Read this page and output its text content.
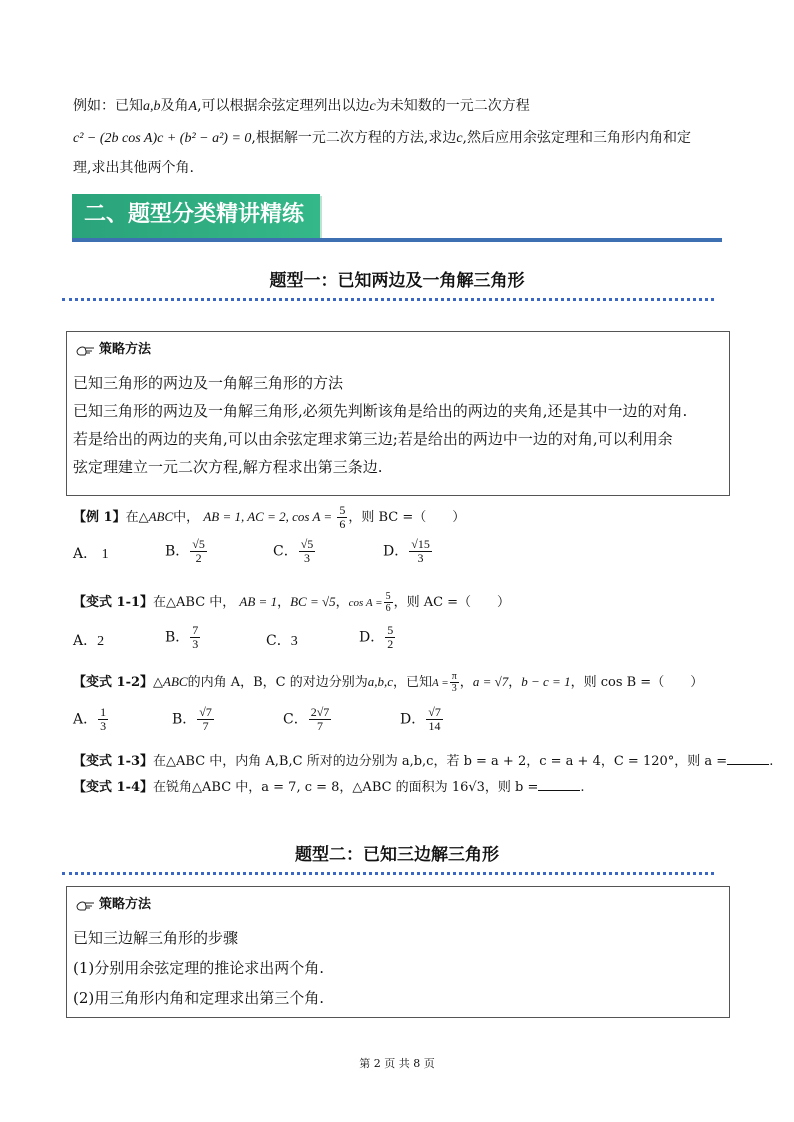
例如：已知a,b及角A,可以根据余弦定理列出以边c为未知数的一元二次方程
c² − (2b cos A)c + (b² − a²) = 0,根据解一元二次方程的方法,求边c,然后应用余弦定理和三角形内角和定
理,求出其他两个角.
二、题型分类精讲精练
题型一：已知两边及一角解三角形
策略方法
已知三角形的两边及一角解三角形的方法
已知三角形的两边及一角解三角形,必须先判断该角是给出的两边的夹角,还是其中一边的对角.
若是给出的两边的夹角,可以由余弦定理求第三边;若是给出的两边中一边的对角,可以利用余
弦定理建立一元二次方程,解方程求出第三条边.
【例 1】在△ABC中， AB = 1, AC = 2, $\cos A = \frac{5}{6}$ ，则 BC =（　　）
A． 1	B． $\frac{√5}{2}$	C． $\frac{√5}{3}$	D． $\frac{√15}{3}$
【变式 1-1】在△ABC 中， AB = 1，BC = √5，$\cos A = \frac{5}{6}$ ，则 AC =（　　）
A．2	B． $\frac{7}{3}$	C．3	D． $\frac{5}{2}$
【变式 1-2】△ABC的内角 A，B，C 的对边分别为a,b,c，已知$A = \frac{\pi}{3}$ ，a = √7，b − c = 1，则 cos B =（　　）
A． $\frac{1}{3}$	B． $\frac{√7}{7}$	C． $\frac{2√7}{7}$	D． $\frac{√7}{14}$
【变式 1-3】在△ABC 中，内角 A,B,C 所对的边分别为 a,b,c，若 b = a + 2，c = a + 4，C = 120°，则 a =	.
【变式 1-4】在锐角△ABC 中，a = 7, c = 8，△ABC 的面积为 16√3，则 b =	.
题型二：已知三边解三角形
策略方法
已知三边解三角形的步骤
(1)分别用余弦定理的推论求出两个角.
(2)用三角形内角和定理求出第三个角.
第 2 页 共 8 页
